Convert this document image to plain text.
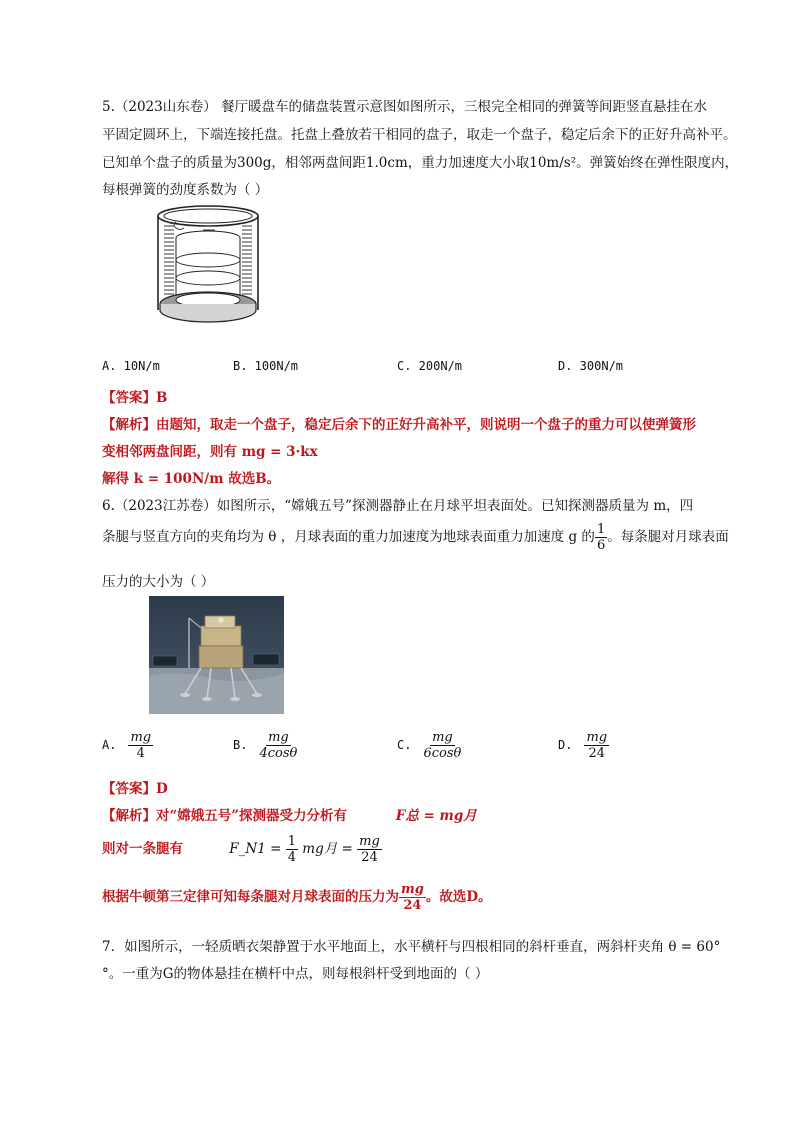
5.（2023山东卷） 餐厅暖盘车的储盘装置示意图如图所示，三根完全相同的弹簧等间距竖直悬挂在水
平固定圆环上，下端连接托盘。托盘上叠放若干相同的盘子，取走一个盘子，稳定后余下的正好升高补平。
已知单个盘子的质量为300g，相邻两盘间距1.0cm，重力加速度大小取10m/s²。弹簧始终在弹性限度内，
每根弹簧的劲度系数为（ ）
A. 10N/m	B. 100N/m	C. 200N/m	D. 300N/m
【答案】B
【解析】由题知，取走一个盘子，稳定后余下的正好升高补平，则说明一个盘子的重力可以使弹簧形
变相邻两盘间距，则有 mg = 3·kx
解得 k = 100N/m 故选B。
6.（2023江苏卷）如图所示，“嫦娥五号”探测器静止在月球平坦表面处。已知探测器质量为 m，四
条腿与竖直方向的夹角均为 θ ，月球表面的重力加速度为地球表面重力加速度 g 的 $\frac{1}{6}$ 。每条腿对月球表面
压力的大小为（ ）
A. $\frac{mg}{4}$	B. $\frac{mg}{4\cos\theta}$	C. $\frac{mg}{6\cos\theta}$	D. $\frac{mg}{24}$
【答案】D
【解析】对“嫦娥五号”探测器受力分析有	F总 = mg月
则对一条腿有	F_N1 = $\frac{1}{4}$ mg月 = $\frac{mg}{24}$
根据牛顿第三定律可知每条腿对月球表面的压力为 $\frac{mg}{24}$ 。故选D。
7．如图所示，一轻质晒衣架静置于水平地面上，水平横杆与四根相同的斜杆垂直，两斜杆夹角 θ = 60°
°。一重为G的物体悬挂在横杆中点，则每根斜杆受到地面的（ ）
